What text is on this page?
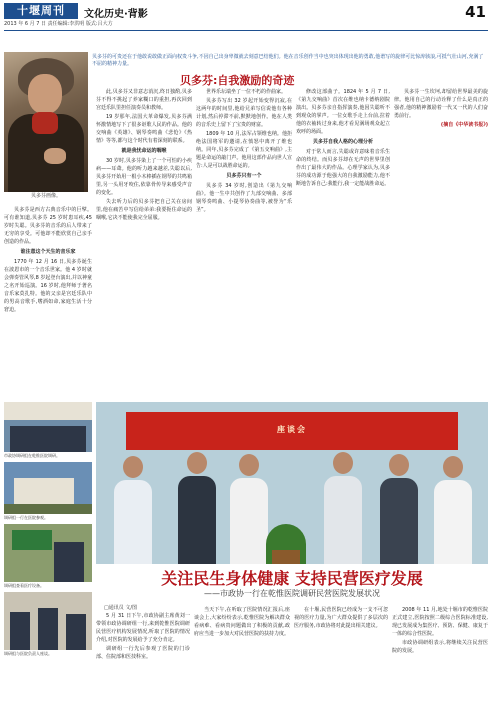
十堰周刊	文化历史·背影
2013 年 6 月 7 日 责任编辑:李洪明 版式:吕大方
41
贝多芬画像。
贝多芬的可贵还在于他敢说敢做正面向权贵斗争,不因自己出身卑微就去刻意巴结他们。他在音乐创作当中也突出体现出他的勇敢,他谱写的旋律可比惊涛骇浪,可抵气壮山河,充满了不屈的精神力量。
贝多芬:自我激励的奇迹

贝多芬是西方古典音乐中的巨擘。可有谁知道,贝多芬 25 岁时患耳疾,45 岁时失聪。贝多芬的音乐的后人带来了无穷的享受。可他却不能欣赏自己亲手创造的作品。

谁注意这个天生的音乐家

1770 年 12 月 16 日,贝多芬诞生在波恩市的一个音乐世家。他 4 岁时就会弹奏管风琴,8 岁起登台演出,并以神童之名开始巡演。16 岁时,他拜师于著名音乐家莫扎特。他的父亲是宫廷乐队中的男高音歌手,嗜酒如命,家庭生活十分窘迫。

此,贝多芬又非意志消沉,终日独酌,贝多芬不得不挑起了养家糊口的重担,再次回到宫廷乐队里担任演奏员和教师。

19 岁那年,法国大革命爆发,贝多芬满怀激情地写下了很多讴歌人民的作品。他的交响曲《英雄》、钢琴奏鸣曲《悲怆》《热情》等等,都与这个时代有着深刻的联系。

就是我忧命运的咽喉

30 岁时,贝多芬染上了一个可怕的小疾病——耳聋。他的听力越来越差,失聪以后,贝多芬开始用一根小木棒插在钢琴的共鸣箱里,另一头用牙咬住,依靠骨传导来感受声音的变化。

失去听力后的贝多芬把自己关在房间里,他在痛苦中写信给弟弟:我要扼住命运的咽喉,它决不能使我完全屈服。

世界乐坛端坐了一位不朽的作曲家。

贝多芬写出 32 岁起开始变得沉寂,在这两年的时间里,他给兄弟写信说他有各种计划,然后停滞不前,默默地创作。他在人类的音乐史上留下了宝贵的财富。

1809 年 10 月,法军占领维也纳。他拒绝法国将军的邀请,在愤怒中离开了维也纳。同年,贝多芬完成了《第五交响曲》,主题是命运的敲门声。他用这部作品向世人宣告:人是可以战胜命运的。

贝多芬只有一个

贝多芬 34 岁时,创造出《第九交响曲》。他一生中共创作了九部交响曲、多部钢琴奏鸣曲、小提琴协奏曲等,被誉为“乐圣”。

修改这部曲子。1824 年 5 月 7 日,《第九交响曲》首次在维也纳卡德纳剧院演出。贝多芬亲自指挥演奏,他因失聪听不到观众的掌声。一位女歌手走上台前,拉着他的衣袖转过身来,他才看见满场观众起立欢呼的场面。

贝多芬自我人格的心理分析

对于常人而言,失聪或许意味着音乐生命的终结。而贝多芬却在无声的世界里创作出了最伟大的作品。心理学家认为,贝多芬的成功源于他强大的自我激励能力,他不断地告诉自己:我能行,我一定能战胜命运。

贝多芬一生坎坷,却留给世界最美的旋律。他用自己的行动诠释了什么是真正的强者,他的精神激励着一代又一代的人们奋勇前行。

(摘自《中华读书报》)
市政协调研组在乾惟医院调研。
调研组一行在医院参观。
调研组查看医疗设备。
调研组与医院负责人座谈。
座谈会
关注民生身体健康 支持民营医疗发展
——市政协一行在乾惟医院调研民营医院发展状况
□通讯员 文/图

5 月 31 日下午,市政协副主席黄刘一带领市政协调研组一行,来到乾惟医院调研民营医疗机构发展情况,听取了医院的情况介绍,对医院的发展给予了充分肯定。

调研组一行先后参观了医院的门诊部、住院部和医技科室。

当天下午,在听取了医院情况汇报后,座谈会上,大家纷纷表示,乾惟医院为解决群众看病难、看病贵问题做出了积极的贡献,政府应当进一步加大对民营医院的扶持力度。

在十堰,民营医院已经成为一支不可忽视的医疗力量,为广大群众提供了多层次的医疗服务,市政协将对此提出相关建议。

2008 年 11 月,地处十堰市的乾惟医院正式建立,医院按照二级综合医院标准建设,现已发展成为集医疗、预防、保健、康复于一体的综合性医院。

市政协调研组表示,将继续关注民营医院的发展。
